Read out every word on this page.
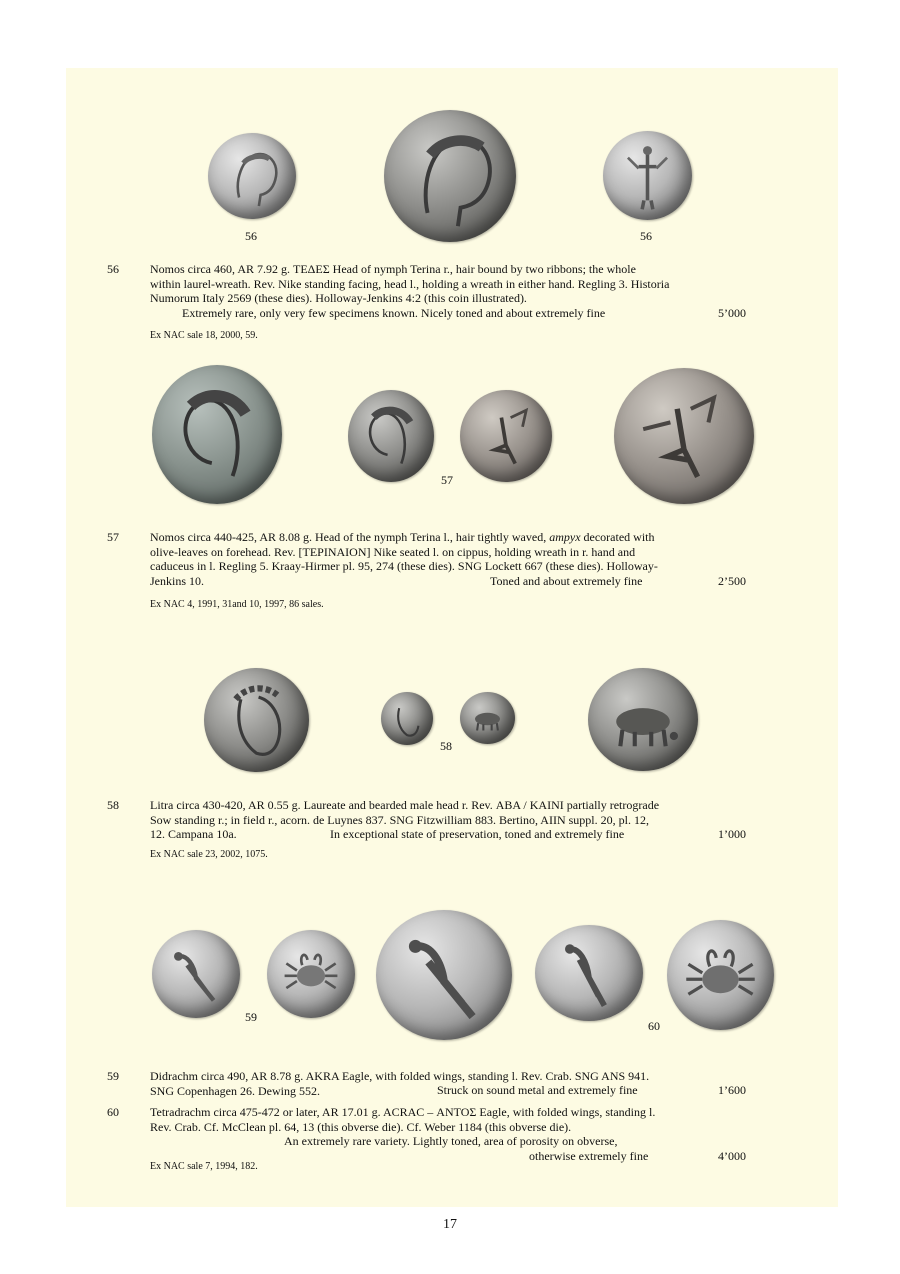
56	56
56	Nomos circa 460, AR 7.92 g. ΤΕΔΕΣ Head of nymph Terina r., hair bound by two ribbons; the whole
within laurel-wreath. Rev. Nike standing facing, head l., holding a wreath in either hand. Regling 3. Historia
Numorum Italy 2569 (these dies). Holloway-Jenkins 4:2 (this coin illustrated).
Extremely rare, only very few specimens known. Nicely toned and about extremely fine	5’000
Ex NAC sale 18, 2000, 59.
57
57	Nomos circa 440-425, AR 8.08 g. Head of the nymph Terina l., hair tightly waved, ampyx decorated with
olive-leaves on forehead. Rev. [ΤΕΡΙΝΑΙΟΝ] Nike seated l. on cippus, holding wreath in r. hand and
caduceus in l. Regling 5. Kraay-Hirmer pl. 95, 274 (these dies). SNG Lockett 667 (these dies). Holloway-
Jenkins 10.	Toned and about extremely fine	2’500
Ex NAC 4, 1991, 31and 10, 1997, 86 sales.
58
58	Litra circa 430-420, AR 0.55 g. Laureate and bearded male head r. Rev. ΑΒΑ / ΚΑΙΝΙ partially retrograde
Sow standing r.; in field r., acorn. de Luynes 837. SNG Fitzwilliam 883. Bertino, AIIN suppl. 20, pl. 12,
12. Campana 10a.	In exceptional state of preservation, toned and extremely fine	1’000
Ex NAC sale 23, 2002, 1075.
59
60
59	Didrachm circa 490, AR 8.78 g. AKRA Eagle, with folded wings, standing l. Rev. Crab. SNG ANS 941.
SNG Copenhagen 26. Dewing 552.	Struck on sound metal and extremely fine	1’600
60	Tetradrachm circa 475-472 or later, AR 17.01 g. ACRAC – ΑΝΤΟΣ Eagle, with folded wings, standing l.
Rev. Crab. Cf. McClean pl. 64, 13 (this obverse die). Cf. Weber 1184 (this obverse die).
An extremely rare variety. Lightly toned, area of porosity on obverse,
otherwise extremely fine	4’000
Ex NAC sale 7, 1994, 182.
17
